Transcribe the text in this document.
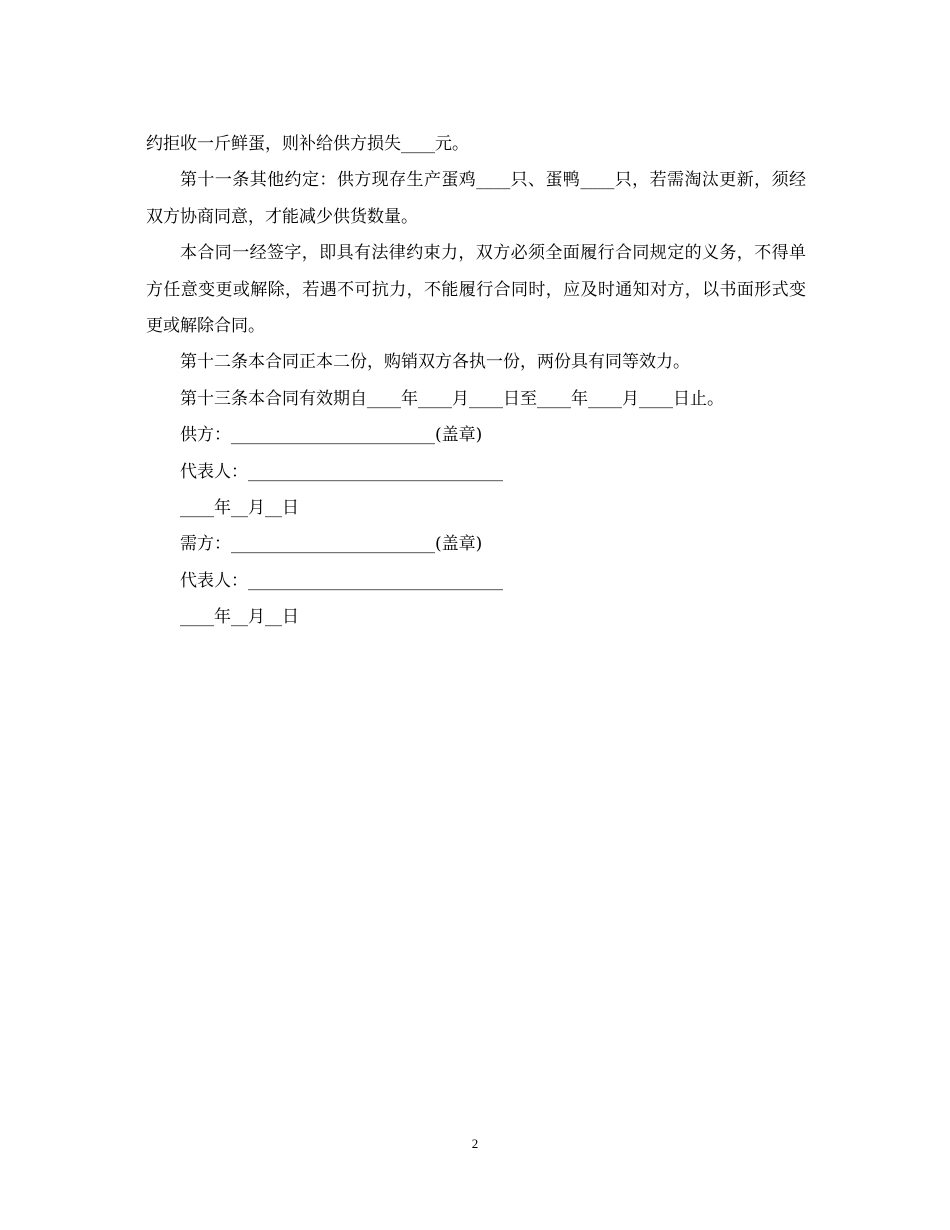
约拒收一斤鲜蛋，则补给供方损失____元。

第十一条其他约定：供方现存生产蛋鸡____只、蛋鸭____只，若需淘汰更新，须经双方协商同意，才能减少供货数量。

本合同一经签字，即具有法律约束力，双方必须全面履行合同规定的义务，不得单方任意变更或解除，若遇不可抗力，不能履行合同时，应及时通知对方，以书面形式变更或解除合同。

第十二条本合同正本二份，购销双方各执一份，两份具有同等效力。

第十三条本合同有效期自____年____月____日至____年____月____日止。

供方：________________________(盖章)

代表人：______________________________

____年__月__日

需方：________________________(盖章)

代表人：______________________________

____年__月__日

2
